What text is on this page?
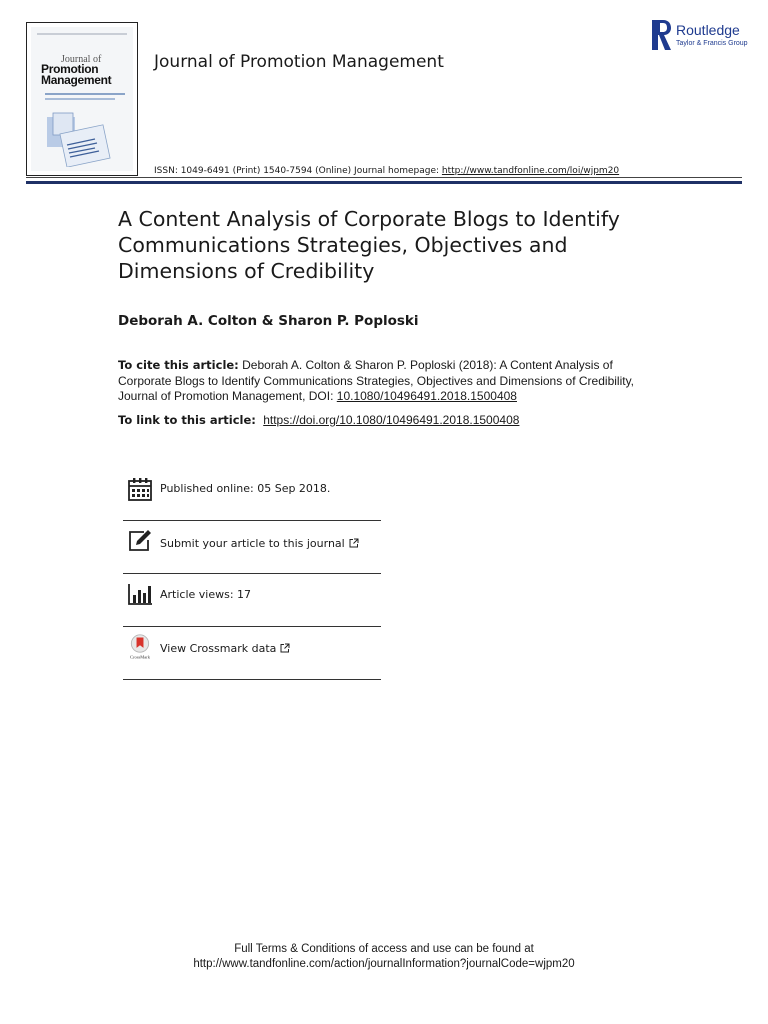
Journal of
Promotion
Management
Journal of Promotion Management
Routledge
Taylor & Francis Group
ISSN: 1049-6491 (Print) 1540-7594 (Online) Journal homepage: http://www.tandfonline.com/loi/wjpm20
A Content Analysis of Corporate Blogs to Identify Communications Strategies, Objectives and Dimensions of Credibility
Deborah A. Colton & Sharon P. Poploski
To cite this article: Deborah A. Colton & Sharon P. Poploski (2018): A Content Analysis of Corporate Blogs to Identify Communications Strategies, Objectives and Dimensions of Credibility, Journal of Promotion Management, DOI: 10.1080/10496491.2018.1500408
To link to this article: https://doi.org/10.1080/10496491.2018.1500408
Published online: 05 Sep 2018.
Submit your article to this journal
Article views: 17
CrossMark
View Crossmark data
Full Terms & Conditions of access and use can be found at
http://www.tandfonline.com/action/journalInformation?journalCode=wjpm20
